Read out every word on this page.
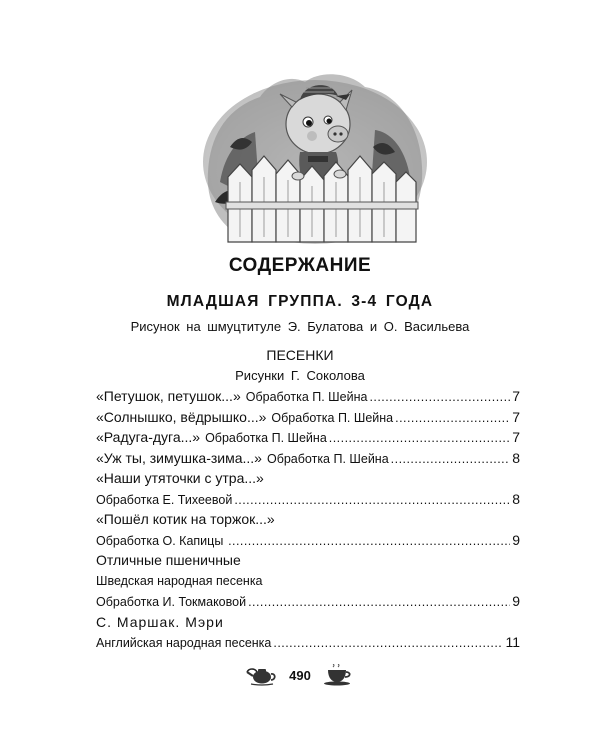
СОДЕРЖАНИЕ
МЛАДШАЯ ГРУППА. 3-4 ГОДА
Рисунок на шмуцтитуле Э. Булатова и О. Васильева
ПЕСЕНКИ
Рисунки Г. Соколова
«Петушок, петушок...» Обработка П. Шейна . . .	7
«Солнышко, вёдрышко...» Обработка П. Шейна . . .	7
«Радуга-дуга...» Обработка П. Шейна . . .	7
«Уж ты, зимушка-зима...» Обработка П. Шейна . . .	8
«Наши утяточки с утра...»
Обработка Е. Тихеевой . . .	8
«Пошёл котик на торжок...»
Обработка О. Капицы . . .	9
Отличные пшеничные
Шведская народная песенка
Обработка И. Токмаковой . . .	9
С. Маршак. Мэри
Английская народная песенка . . .	11
490
